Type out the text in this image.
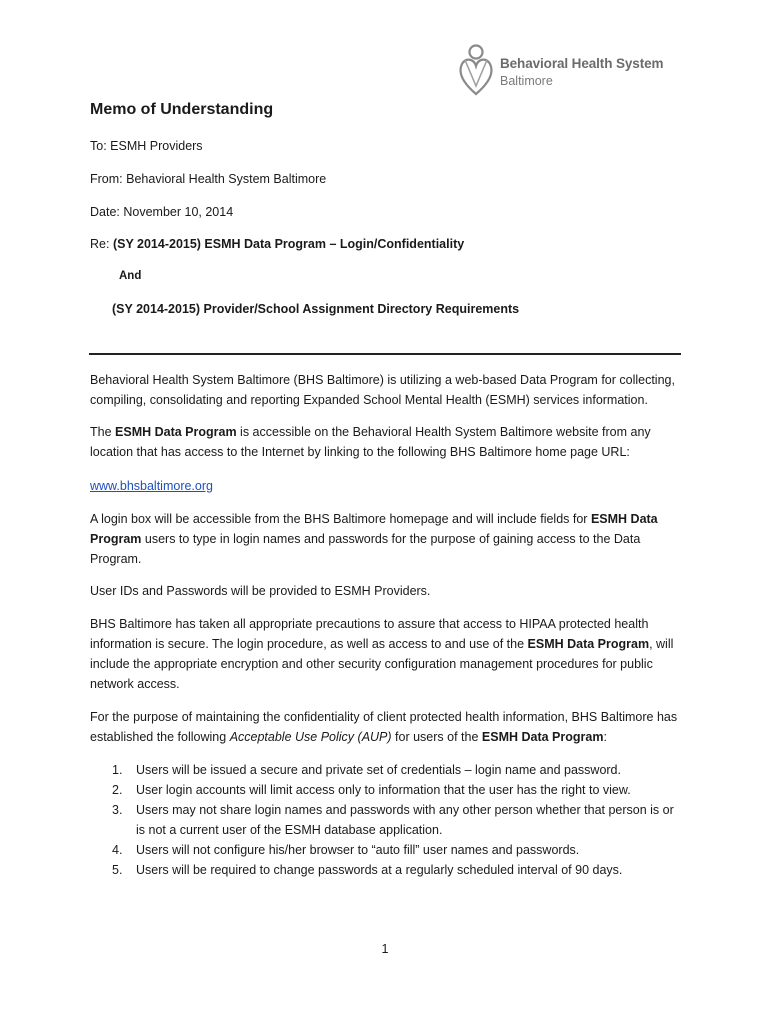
Behavioral Health System
Baltimore
Memo of Understanding
To: ESMH Providers
From: Behavioral Health System Baltimore
Date: November 10, 2014
Re: (SY 2014-2015) ESMH Data Program – Login/Confidentiality
And
(SY 2014-2015) Provider/School Assignment Directory Requirements

Behavioral Health System Baltimore (BHS Baltimore) is utilizing a web-based Data Program for collecting, compiling, consolidating and reporting Expanded School Mental Health (ESMH) services information.

The ESMH Data Program is accessible on the Behavioral Health System Baltimore website from any location that has access to the Internet by linking to the following BHS Baltimore home page URL:

www.bhsbaltimore.org

A login box will be accessible from the BHS Baltimore homepage and will include fields for ESMH Data Program users to type in login names and passwords for the purpose of gaining access to the Data Program.

User IDs and Passwords will be provided to ESMH Providers.

BHS Baltimore has taken all appropriate precautions to assure that access to HIPAA protected health information is secure. The login procedure, as well as access to and use of the ESMH Data Program, will include the appropriate encryption and other security configuration management procedures for public network access.

For the purpose of maintaining the confidentiality of client protected health information, BHS Baltimore has established the following Acceptable Use Policy (AUP) for users of the ESMH Data Program:

1. Users will be issued a secure and private set of credentials – login name and password.
2. User login accounts will limit access only to information that the user has the right to view.
3. Users may not share login names and passwords with any other person whether that person is or is not a current user of the ESMH database application.
4. Users will not configure his/her browser to “auto fill” user names and passwords.
5. Users will be required to change passwords at a regularly scheduled interval of 90 days.
1
